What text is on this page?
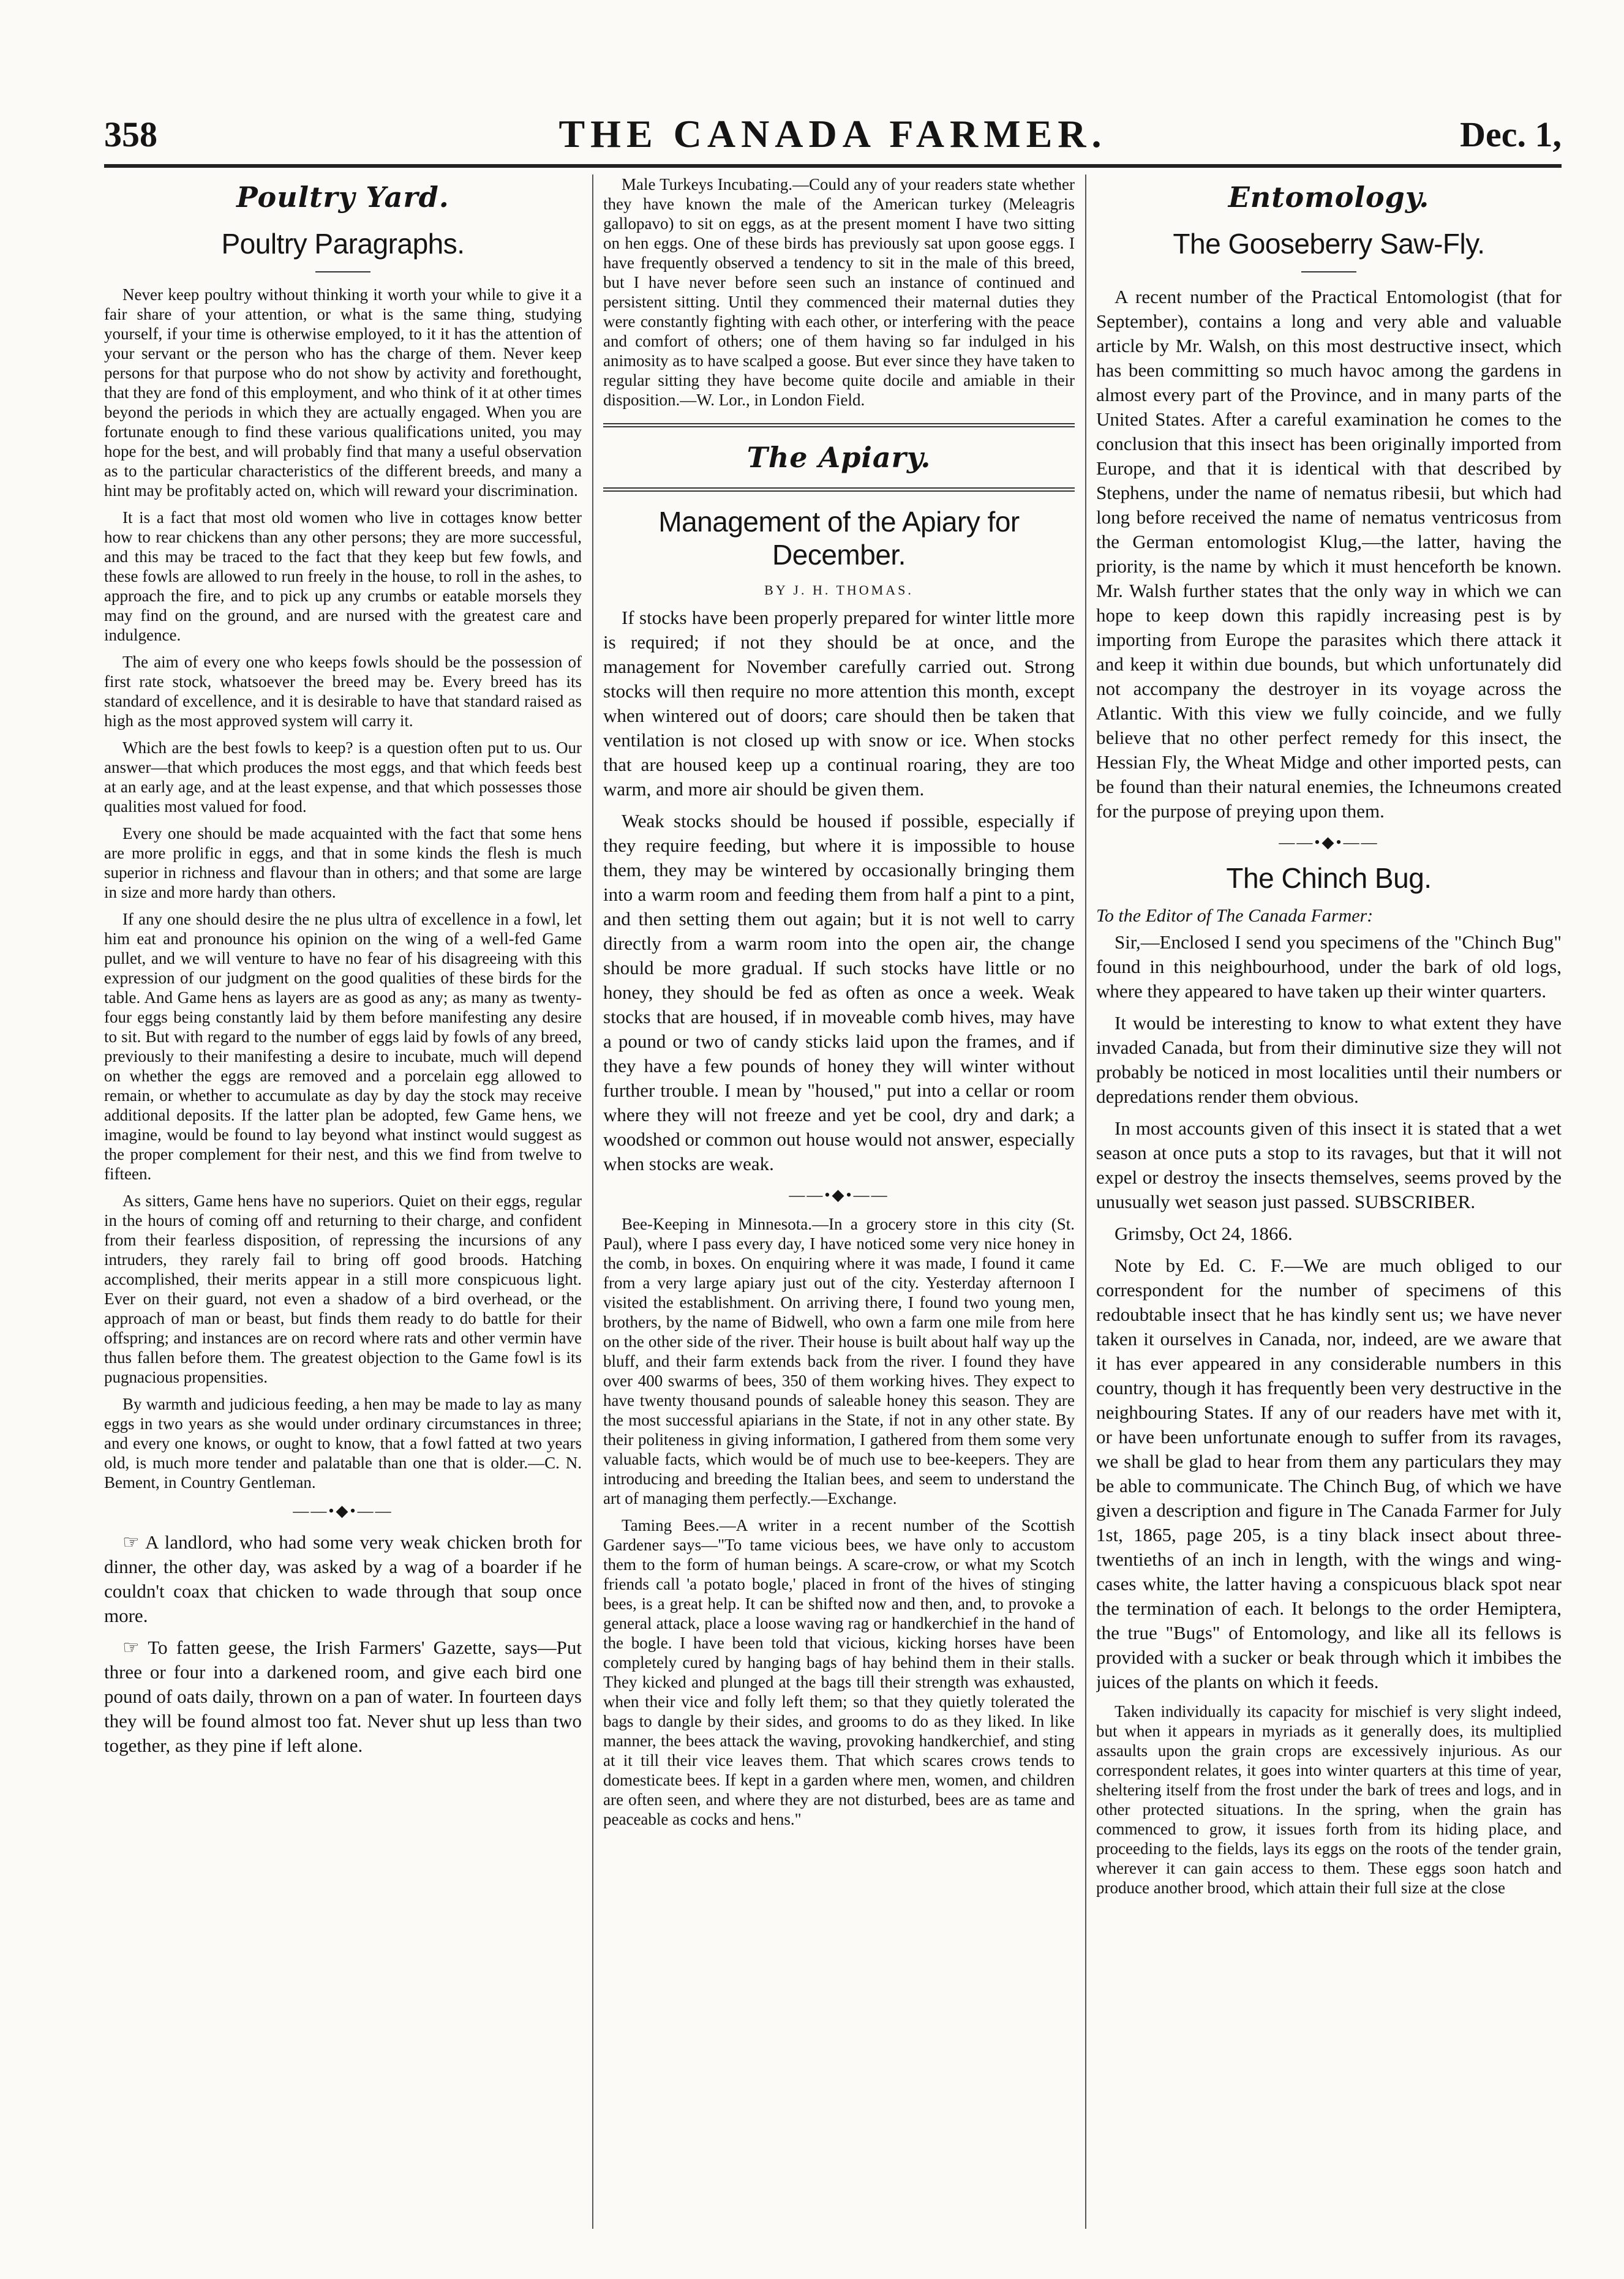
358	THE CANADA FARMER.	Dec. 1,
Poultry Yard.
Poultry Paragraphs.

Never keep poultry without thinking it worth your while to give it a fair share of your attention, or what is the same thing, studying yourself, if your time is otherwise employed, to it it has the attention of your servant or the person who has the charge of them. Never keep persons for that purpose who do not show by activity and forethought, that they are fond of this employment, and who think of it at other times beyond the periods in which they are actually engaged. When you are fortunate enough to find these various qualifications united, you may hope for the best, and will probably find that many a useful observation as to the particular characteristics of the different breeds, and many a hint may be profitably acted on, which will reward your discrimination.

It is a fact that most old women who live in cottages know better how to rear chickens than any other persons; they are more successful, and this may be traced to the fact that they keep but few fowls, and these fowls are allowed to run freely in the house, to roll in the ashes, to approach the fire, and to pick up any crumbs or eatable morsels they may find on the ground, and are nursed with the greatest care and indulgence.

The aim of every one who keeps fowls should be the possession of first rate stock, whatsoever the breed may be. Every breed has its standard of excellence, and it is desirable to have that standard raised as high as the most approved system will carry it.

Which are the best fowls to keep? is a question often put to us. Our answer—that which produces the most eggs, and that which feeds best at an early age, and at the least expense, and that which possesses those qualities most valued for food.

Every one should be made acquainted with the fact that some hens are more prolific in eggs, and that in some kinds the flesh is much superior in richness and flavour than in others; and that some are large in size and more hardy than others.

If any one should desire the ne plus ultra of excellence in a fowl, let him eat and pronounce his opinion on the wing of a well-fed Game pullet, and we will venture to have no fear of his disagreeing with this expression of our judgment on the good qualities of these birds for the table. And Game hens as layers are as good as any; as many as twenty-four eggs being constantly laid by them before manifesting any desire to sit. But with regard to the number of eggs laid by fowls of any breed, previously to their manifesting a desire to incubate, much will depend on whether the eggs are removed and a porcelain egg allowed to remain, or whether to accumulate as day by day the stock may receive additional deposits. If the latter plan be adopted, few Game hens, we imagine, would be found to lay beyond what instinct would suggest as the proper complement for their nest, and this we find from twelve to fifteen.

As sitters, Game hens have no superiors. Quiet on their eggs, regular in the hours of coming off and returning to their charge, and confident from their fearless disposition, of repressing the incursions of any intruders, they rarely fail to bring off good broods. Hatching accomplished, their merits appear in a still more conspicuous light. Ever on their guard, not even a shadow of a bird overhead, or the approach of man or beast, but finds them ready to do battle for their offspring; and instances are on record where rats and other vermin have thus fallen before them. The greatest objection to the Game fowl is its pugnacious propensities.

By warmth and judicious feeding, a hen may be made to lay as many eggs in two years as she would under ordinary circumstances in three; and every one knows, or ought to know, that a fowl fatted at two years old, is much more tender and palatable than one that is older.—C. N. Bement, in Country Gentleman.

——•◆•——

☞ A landlord, who had some very weak chicken broth for dinner, the other day, was asked by a wag of a boarder if he couldn't coax that chicken to wade through that soup once more.

☞ To fatten geese, the Irish Farmers' Gazette, says—Put three or four into a darkened room, and give each bird one pound of oats daily, thrown on a pan of water. In fourteen days they will be found almost too fat. Never shut up less than two together, as they pine if left alone.

Male Turkeys Incubating.—Could any of your readers state whether they have known the male of the American turkey (Meleagris gallopavo) to sit on eggs, as at the present moment I have two sitting on hen eggs. One of these birds has previously sat upon goose eggs. I have frequently observed a tendency to sit in the male of this breed, but I have never before seen such an instance of continued and persistent sitting. Until they commenced their maternal duties they were constantly fighting with each other, or interfering with the peace and comfort of others; one of them having so far indulged in his animosity as to have scalped a goose. But ever since they have taken to regular sitting they have become quite docile and amiable in their disposition.—W. Lor., in London Field.

The Apiary.
Management of the Apiary for December.
BY J. H. THOMAS.

If stocks have been properly prepared for winter little more is required; if not they should be at once, and the management for November carefully carried out. Strong stocks will then require no more attention this month, except when wintered out of doors; care should then be taken that ventilation is not closed up with snow or ice. When stocks that are housed keep up a continual roaring, they are too warm, and more air should be given them.

Weak stocks should be housed if possible, especially if they require feeding, but where it is impossible to house them, they may be wintered by occasionally bringing them into a warm room and feeding them from half a pint to a pint, and then setting them out again; but it is not well to carry directly from a warm room into the open air, the change should be more gradual. If such stocks have little or no honey, they should be fed as often as once a week. Weak stocks that are housed, if in moveable comb hives, may have a pound or two of candy sticks laid upon the frames, and if they have a few pounds of honey they will winter without further trouble. I mean by "housed," put into a cellar or room where they will not freeze and yet be cool, dry and dark; a woodshed or common out house would not answer, especially when stocks are weak.

——•◆•——

Bee-Keeping in Minnesota.—In a grocery store in this city (St. Paul), where I pass every day, I have noticed some very nice honey in the comb, in boxes. On enquiring where it was made, I found it came from a very large apiary just out of the city. Yesterday afternoon I visited the establishment. On arriving there, I found two young men, brothers, by the name of Bidwell, who own a farm one mile from here on the other side of the river. Their house is built about half way up the bluff, and their farm extends back from the river. I found they have over 400 swarms of bees, 350 of them working hives. They expect to have twenty thousand pounds of saleable honey this season. They are the most successful apiarians in the State, if not in any other state. By their politeness in giving information, I gathered from them some very valuable facts, which would be of much use to bee-keepers. They are introducing and breeding the Italian bees, and seem to understand the art of managing them perfectly.—Exchange.

Taming Bees.—A writer in a recent number of the Scottish Gardener says—"To tame vicious bees, we have only to accustom them to the form of human beings. A scare-crow, or what my Scotch friends call 'a potato bogle,' placed in front of the hives of stinging bees, is a great help. It can be shifted now and then, and, to provoke a general attack, place a loose waving rag or handkerchief in the hand of the bogle. I have been told that vicious, kicking horses have been completely cured by hanging bags of hay behind them in their stalls. They kicked and plunged at the bags till their strength was exhausted, when their vice and folly left them; so that they quietly tolerated the bags to dangle by their sides, and grooms to do as they liked. In like manner, the bees attack the waving, provoking handkerchief, and sting at it till their vice leaves them. That which scares crows tends to domesticate bees. If kept in a garden where men, women, and children are often seen, and where they are not disturbed, bees are as tame and peaceable as cocks and hens."

Entomology.
The Gooseberry Saw-Fly.

A recent number of the Practical Entomologist (that for September), contains a long and very able and valuable article by Mr. Walsh, on this most destructive insect, which has been committing so much havoc among the gardens in almost every part of the Province, and in many parts of the United States. After a careful examination he comes to the conclusion that this insect has been originally imported from Europe, and that it is identical with that described by Stephens, under the name of nematus ribesii, but which had long before received the name of nematus ventricosus from the German entomologist Klug,—the latter, having the priority, is the name by which it must henceforth be known. Mr. Walsh further states that the only way in which we can hope to keep down this rapidly increasing pest is by importing from Europe the parasites which there attack it and keep it within due bounds, but which unfortunately did not accompany the destroyer in its voyage across the Atlantic. With this view we fully coincide, and we fully believe that no other perfect remedy for this insect, the Hessian Fly, the Wheat Midge and other imported pests, can be found than their natural enemies, the Ichneumons created for the purpose of preying upon them.

——•◆•——
The Chinch Bug.
To the Editor of The Canada Farmer:

Sir,—Enclosed I send you specimens of the "Chinch Bug" found in this neighbourhood, under the bark of old logs, where they appeared to have taken up their winter quarters.

It would be interesting to know to what extent they have invaded Canada, but from their diminutive size they will not probably be noticed in most localities until their numbers or depredations render them obvious.

In most accounts given of this insect it is stated that a wet season at once puts a stop to its ravages, but that it will not expel or destroy the insects themselves, seems proved by the unusually wet season just passed. SUBSCRIBER.

Grimsby, Oct 24, 1866.

Note by Ed. C. F.—We are much obliged to our correspondent for the number of specimens of this redoubtable insect that he has kindly sent us; we have never taken it ourselves in Canada, nor, indeed, are we aware that it has ever appeared in any considerable numbers in this country, though it has frequently been very destructive in the neighbouring States. If any of our readers have met with it, or have been unfortunate enough to suffer from its ravages, we shall be glad to hear from them any particulars they may be able to communicate. The Chinch Bug, of which we have given a description and figure in The Canada Farmer for July 1st, 1865, page 205, is a tiny black insect about three-twentieths of an inch in length, with the wings and wing-cases white, the latter having a conspicuous black spot near the termination of each. It belongs to the order Hemiptera, the true "Bugs" of Entomology, and like all its fellows is provided with a sucker or beak through which it imbibes the juices of the plants on which it feeds.

Taken individually its capacity for mischief is very slight indeed, but when it appears in myriads as it generally does, its multiplied assaults upon the grain crops are excessively injurious. As our correspondent relates, it goes into winter quarters at this time of year, sheltering itself from the frost under the bark of trees and logs, and in other protected situations. In the spring, when the grain has commenced to grow, it issues forth from its hiding place, and proceeding to the fields, lays its eggs on the roots of the tender grain, wherever it can gain access to them. These eggs soon hatch and produce another brood, which attain their full size at the close
